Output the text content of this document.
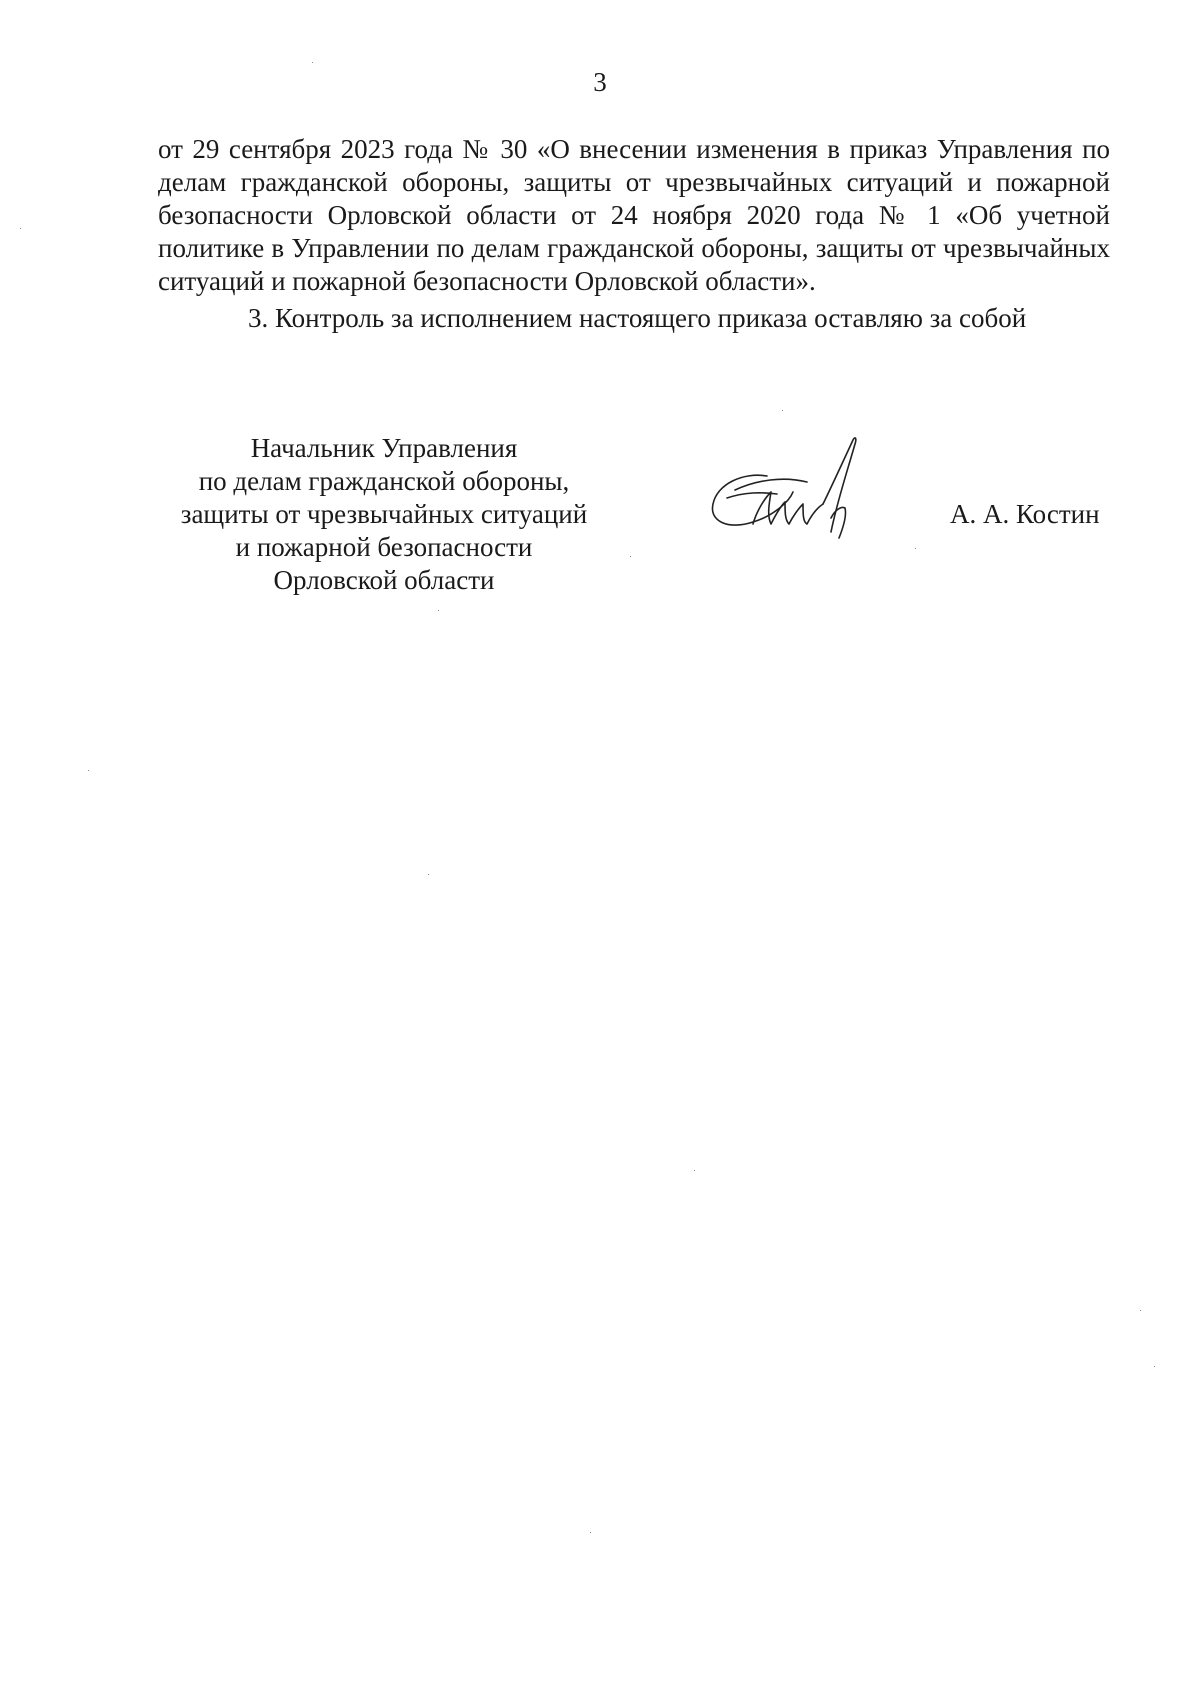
3

от 29 сентября 2023 года № 30 «О внесении изменения в приказ Управления по делам гражданской обороны, защиты от чрезвычайных ситуаций и пожарной безопасности Орловской области от 24 ноября 2020 года № 1 «Об учетной политике в Управлении по делам гражданской обороны, защиты от чрезвычайных ситуаций и пожарной безопасности Орловской области».

3. Контроль за исполнением настоящего приказа оставляю за собой

Начальник Управления
по делам гражданской обороны,
защиты от чрезвычайных ситуаций
и пожарной безопасности
Орловской области
А. А. Костин
